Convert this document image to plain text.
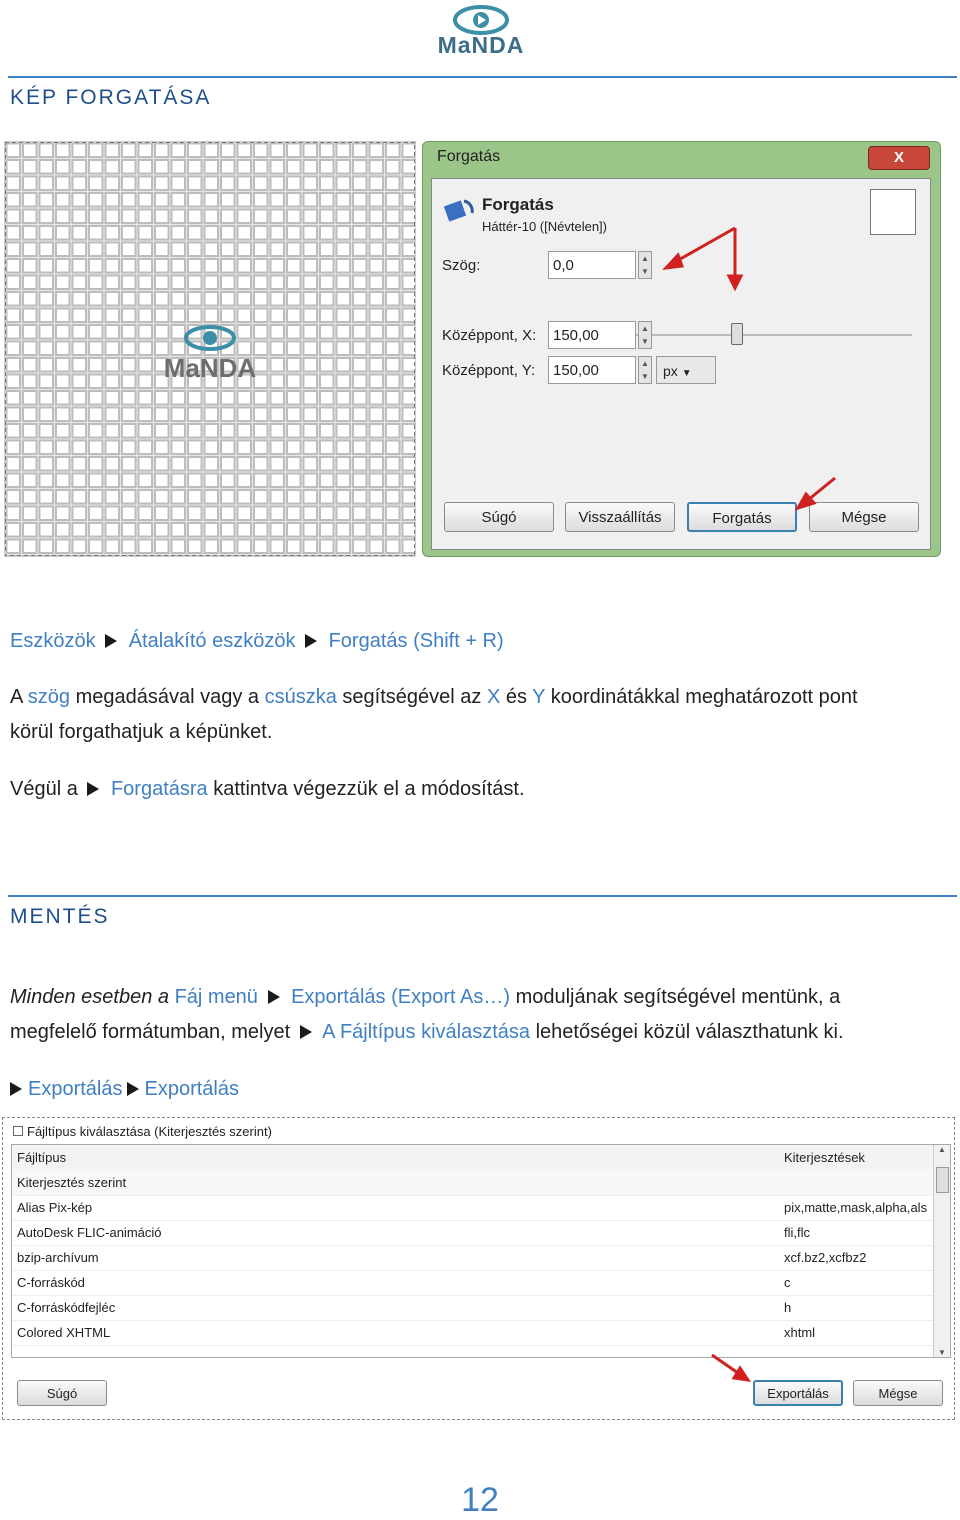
MaNDA
KÉP FORGATÁSA
MaNDA
Forgatás	X
Forgatás
Háttér-10 ([Névtelen])
Szög:	0,0	▲
▼
Középpont, X:	150,00	▲
▼
Középpont, Y:	150,00	▲
▼	px ▼
Súgó	Visszaállítás	Forgatás	Mégse
Eszközök Átalakító eszközök Forgatás (Shift + R)
A szög megadásával vagy a csúszka segítségével az X és Y koordinátákkal meghatározott pont
körül forgathatjuk a képünket.
Végül a Forgatásra kattintva végezzük el a módosítást.
MENTÉS
Minden esetben a Fáj menü Exportálás (Export As…) moduljának segítségével mentünk, a
megfelelő formátumban, melyet A Fájltípus kiválasztása lehetőségei közül választhatunk ki.
Exportálás Exportálás
Fájltípus kiválasztása (Kiterjesztés szerint)
Fájltípus	Kiterjesztések
Kiterjesztés szerint
Alias Pix-kép	pix,matte,mask,alpha,als
AutoDesk FLIC-animáció	fli,flc
bzip-archívum	xcf.bz2,xcfbz2
C-forráskód	c
C-forráskódfejléc	h
Colored XHTML	xhtml
▲
▼
Súgó	Exportálás	Mégse
12
